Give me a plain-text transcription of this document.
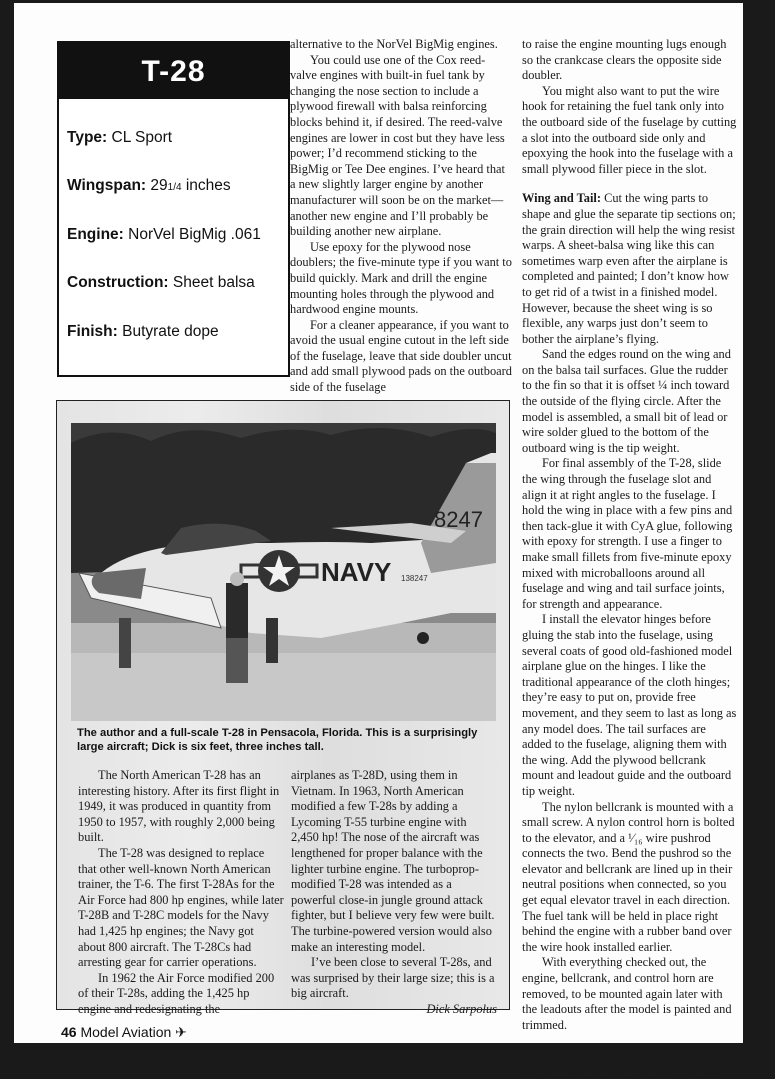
T-28
Type: CL Sport
Wingspan: 291/4 inches
Engine: NorVel BigMig .061
Construction: Sheet balsa
Finish: Butyrate dope

alternative to the NorVel BigMig engines.

You could use one of the Cox reed-valve engines with built-in fuel tank by changing the nose section to include a plywood firewall with balsa reinforcing blocks behind it, if desired. The reed-valve engines are lower in cost but they have less power; I’d recommend sticking to the BigMig or Tee Dee engines. I’ve heard that a new slightly larger engine by another manufacturer will soon be on the market—another new engine and I’ll probably be building another new airplane.

Use epoxy for the plywood nose doublers; the five-minute type if you want to build quickly. Mark and drill the engine mounting holes through the plywood and hardwood engine mounts.

For a cleaner appearance, if you want to avoid the usual engine cutout in the left side of the fuselage, leave that side doubler uncut and add small plywood pads on the outboard side of the fuselage

to raise the engine mounting lugs enough so the crankcase clears the opposite side doubler.

You might also want to put the wire hook for retaining the fuel tank only into the outboard side of the fuselage by cutting a slot into the outboard side only and epoxying the hook into the fuselage with a small plywood filler piece in the slot.

Wing and Tail: Cut the wing parts to shape and glue the separate tip sections on; the grain direction will help the wing resist warps. A sheet-balsa wing like this can sometimes warp even after the airplane is completed and painted; I don’t know how to get rid of a twist in a finished model. However, because the sheet wing is so flexible, any warps just don’t seem to bother the airplane’s flying.

Sand the edges round on the wing and on the balsa tail surfaces. Glue the rudder to the fin so that it is offset ¼ inch toward the outside of the flying circle. After the model is assembled, a small bit of lead or wire solder glued to the bottom of the outboard wing is the tip weight.

For final assembly of the T-28, slide the wing through the fuselage slot and align it at right angles to the fuselage. I hold the wing in place with a few pins and then tack-glue it with CyA glue, following with epoxy for strength. I use a finger to make small fillets from five-minute epoxy mixed with microballoons around all fuselage and wing and tail surface joints, for strength and appearance.

I install the elevator hinges before gluing the stab into the fuselage, using several coats of good old-fashioned model airplane glue on the hinges. I like the traditional appearance of the cloth hinges; they’re easy to put on, provide free movement, and they seem to last as long as any model does. The tail surfaces are added to the fuselage, aligning them with the wing. Add the plywood bellcrank mount and leadout guide and the outboard tip weight.

The nylon bellcrank is mounted with a small screw. A nylon control horn is bolted to the elevator, and a ¹⁄₁₆ wire pushrod connects the two. Bend the pushrod so the elevator and bellcrank are lined up in their neutral positions when connected, so you get equal elevator travel in each direction. The fuel tank will be held in place right behind the engine with a rubber band over the wire hook installed earlier.

With everything checked out, the engine, bellcrank, and control horn are removed, to be mounted again later with the leadouts after the model is painted and trimmed.

Finish: I’ve always used butyrate dope to paint all-balsa aircraft like this; I’ve been

NAVY
8247
138247
The author and a full-scale T-28 in Pensacola, Florida. This is a surprisingly large aircraft; Dick is six feet, three inches tall.

The North American T-28 has an interesting history. After its first flight in 1949, it was produced in quantity from 1950 to 1957, with roughly 2,000 being built.

The T-28 was designed to replace that other well-known North American trainer, the T-6. The first T-28As for the Air Force had 800 hp engines, while later T-28B and T-28C models for the Navy had 1,425 hp engines; the Navy got about 800 aircraft. The T-28Cs had arresting gear for carrier operations.

In 1962 the Air Force modified 200 of their T-28s, adding the 1,425 hp engine and redesignating the

airplanes as T-28D, using them in Vietnam. In 1963, North American modified a few T-28s by adding a Lycoming T-55 turbine engine with 2,450 hp! The nose of the aircraft was lengthened for proper balance with the lighter turbine engine. The turboprop-modified T-28 was intended as a powerful close-in jungle ground attack fighter, but I believe very few were built. The turbine-powered version would also make an interesting model.

I’ve been close to several T-28s, and was surprised by their large size; this is a big aircraft.

Dick Sarpolus

46 Model Aviation ✈
